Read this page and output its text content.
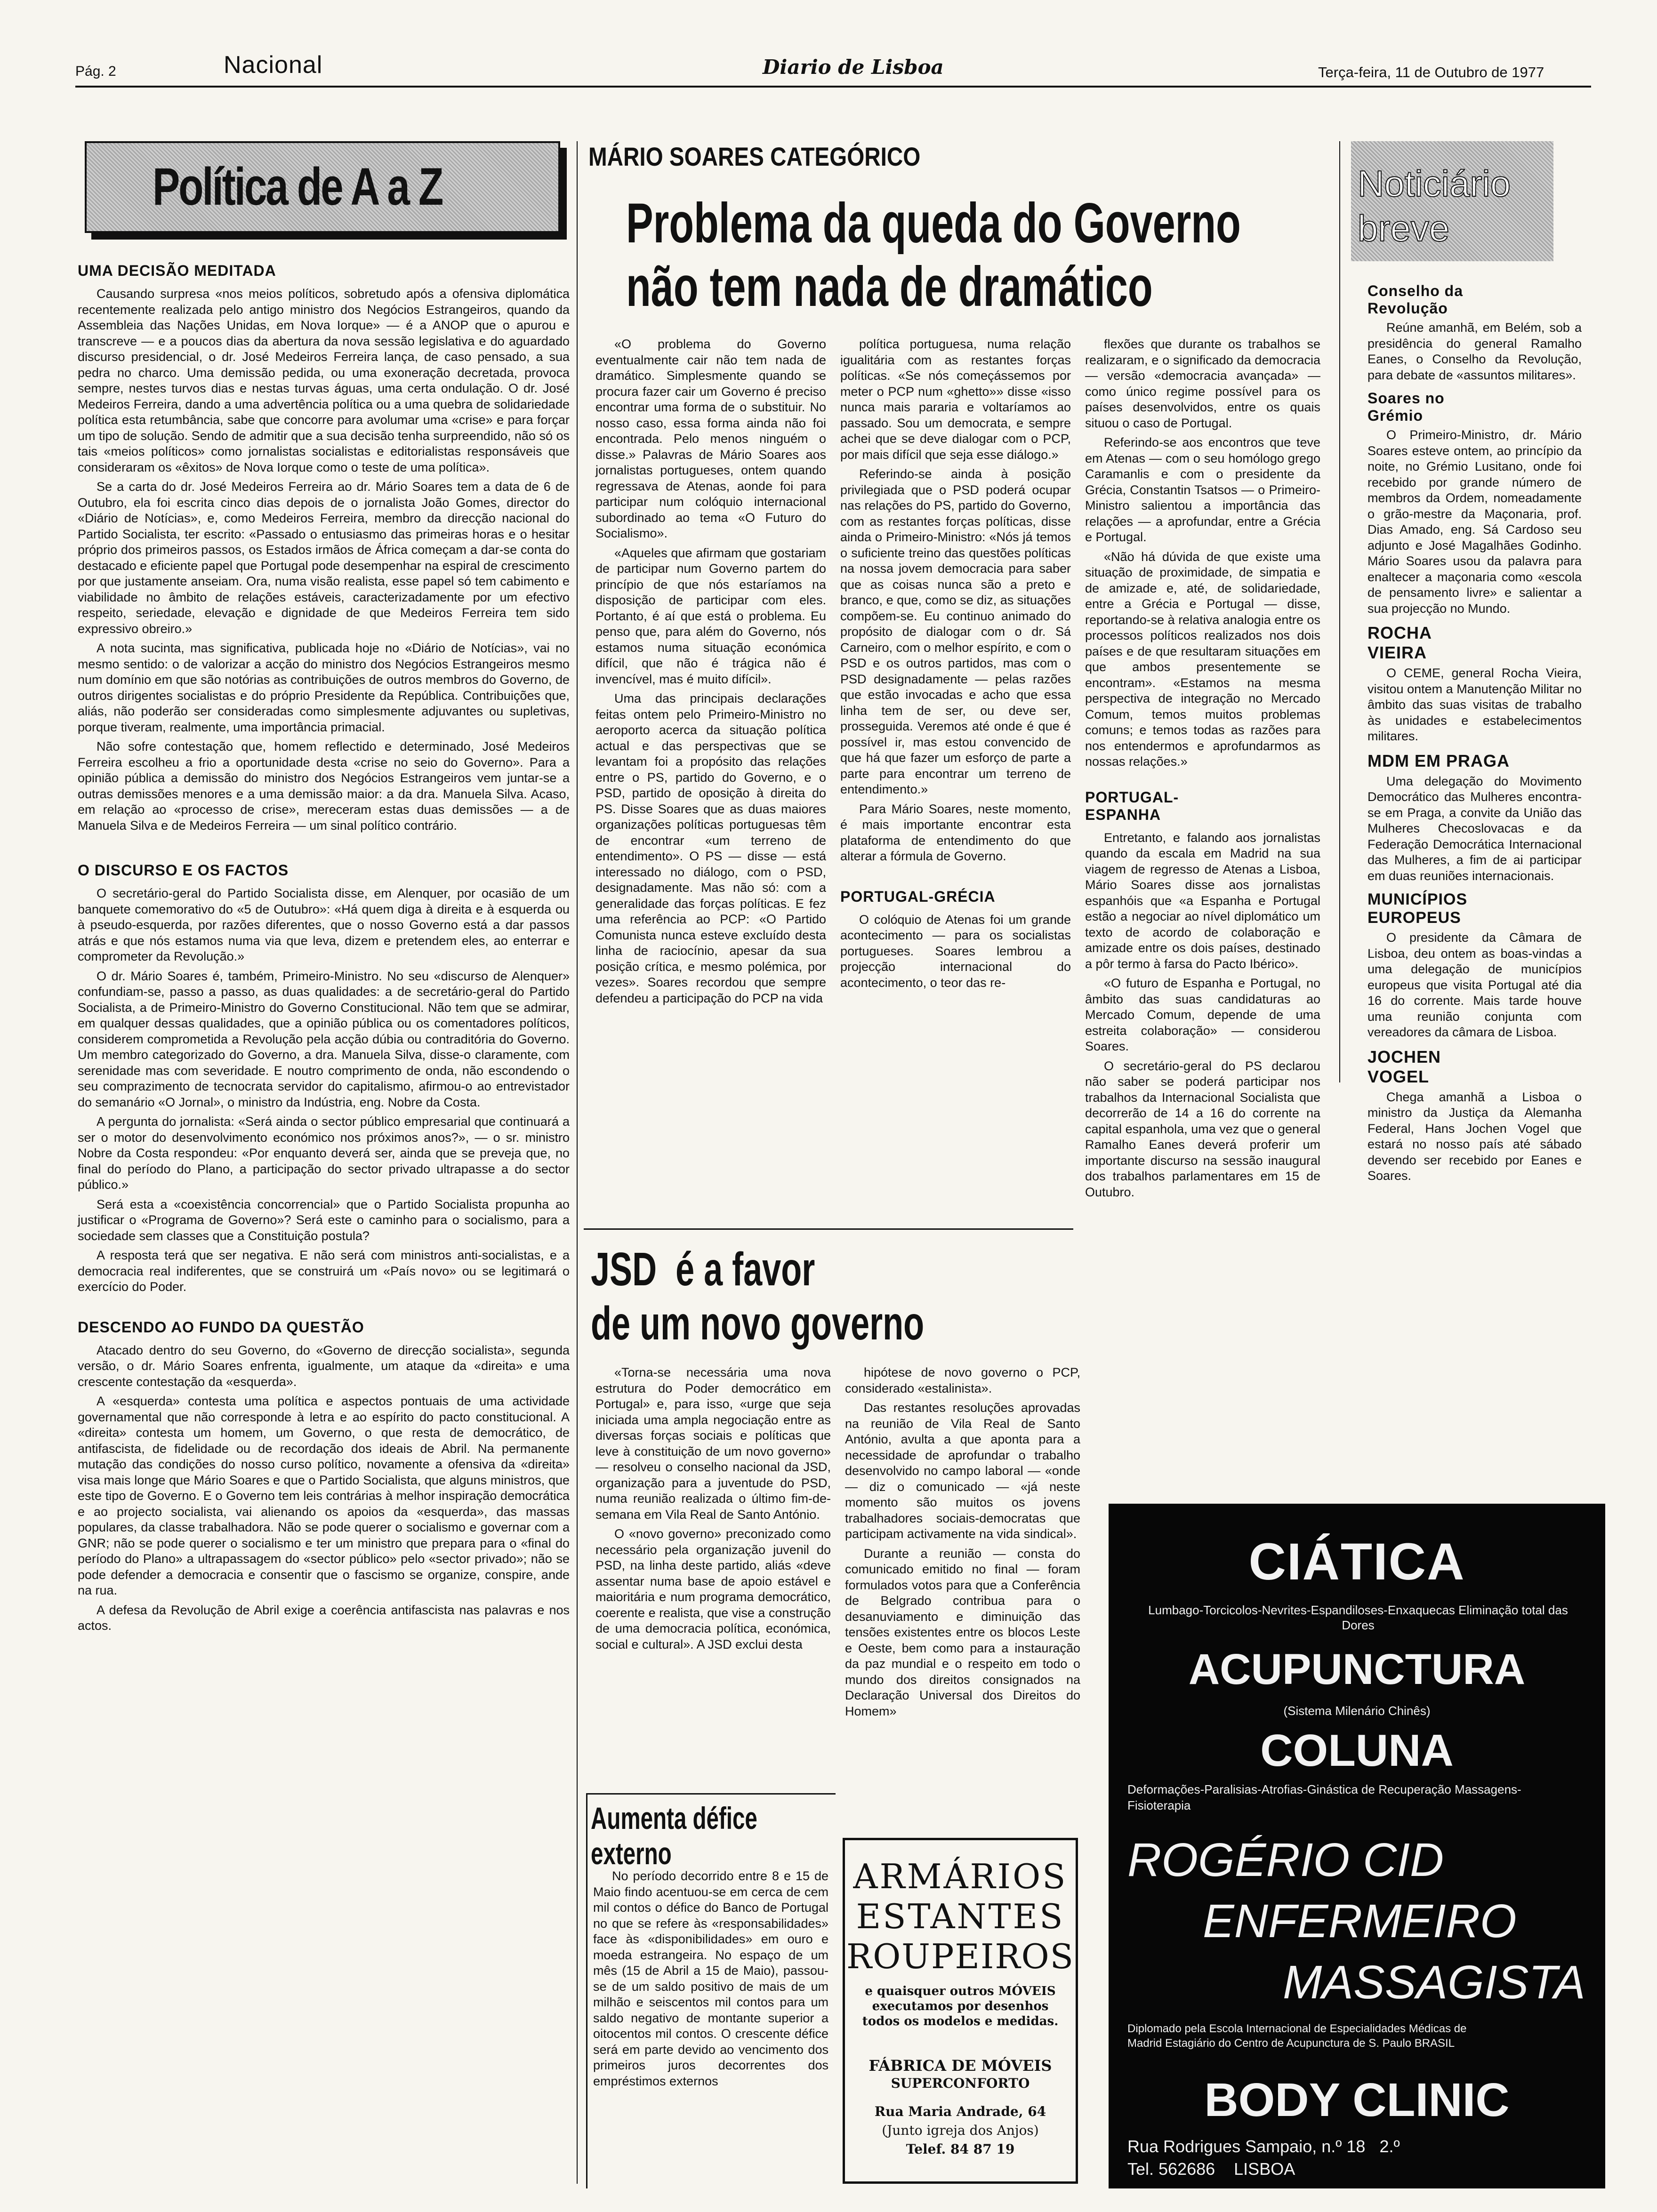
Pág. 2	Nacional	Diario de Lisboa	Terça-feira, 11 de Outubro de 1977
Política de A a Z
UMA DECISÃO MEDITADA

Causando surpresa «nos meios políticos, sobretudo após a ofensiva diplomática recentemente realizada pelo antigo ministro dos Negócios Estrangeiros, quando da Assembleia das Nações Unidas, em Nova Iorque» — é a ANOP que o apurou e transcreve — e a poucos dias da abertura da nova sessão legislativa e do aguardado discurso presidencial, o dr. José Medeiros Ferreira lança, de caso pensado, a sua pedra no charco. Uma demissão pedida, ou uma exoneração decretada, provoca sempre, nestes turvos dias e nestas turvas águas, uma certa ondulação. O dr. José Medeiros Ferreira, dando a uma advertência política ou a uma quebra de solidariedade política esta retumbância, sabe que concorre para avolumar uma «crise» e para forçar um tipo de solução. Sendo de admitir que a sua decisão tenha surpreendido, não só os tais «meios políticos» como jornalistas socialistas e editorialistas responsáveis que consideraram os «êxitos» de Nova Iorque como o teste de uma política».

Se a carta do dr. José Medeiros Ferreira ao dr. Mário Soares tem a data de 6 de Outubro, ela foi escrita cinco dias depois de o jornalista João Gomes, director do «Diário de Notícias», e, como Medeiros Ferreira, membro da direcção nacional do Partido Socialista, ter escrito: «Passado o entusiasmo das primeiras horas e o hesitar próprio dos primeiros passos, os Estados irmãos de África começam a dar-se conta do destacado e eficiente papel que Portugal pode desempenhar na espiral de crescimento por que justamente anseiam. Ora, numa visão realista, esse papel só tem cabimento e viabilidade no âmbito de relações estáveis, caracterizadamente por um efectivo respeito, seriedade, elevação e dignidade de que Medeiros Ferreira tem sido expressivo obreiro.»

A nota sucinta, mas significativa, publicada hoje no «Diário de Notícias», vai no mesmo sentido: o de valorizar a acção do ministro dos Negócios Estrangeiros mesmo num domínio em que são notórias as contribuições de outros membros do Governo, de outros dirigentes socialistas e do próprio Presidente da República. Contribuições que, aliás, não poderão ser consideradas como simplesmente adjuvantes ou supletivas, porque tiveram, realmente, uma importância primacial.

Não sofre contestação que, homem reflectido e determinado, José Medeiros Ferreira escolheu a frio a oportunidade desta «crise no seio do Governo». Para a opinião pública a demissão do ministro dos Negócios Estrangeiros vem juntar-se a outras demissões menores e a uma demissão maior: a da dra. Manuela Silva. Acaso, em relação ao «processo de crise», mereceram estas duas demissões — a de Manuela Silva e de Medeiros Ferreira — um sinal político contrário.

O DISCURSO E OS FACTOS

O secretário-geral do Partido Socialista disse, em Alenquer, por ocasião de um banquete comemorativo do «5 de Outubro»: «Há quem diga à direita e à esquerda ou à pseudo-esquerda, por razões diferentes, que o nosso Governo está a dar passos atrás e que nós estamos numa via que leva, dizem e pretendem eles, ao enterrar e comprometer da Revolução.»

O dr. Mário Soares é, também, Primeiro-Ministro. No seu «discurso de Alenquer» confundiam-se, passo a passo, as duas qualidades: a de secretário-geral do Partido Socialista, a de Primeiro-Ministro do Governo Constitucional. Não tem que se admirar, em qualquer dessas qualidades, que a opinião pública ou os comentadores políticos, considerem comprometida a Revolução pela acção dúbia ou contraditória do Governo. Um membro categorizado do Governo, a dra. Manuela Silva, disse-o claramente, com serenidade mas com severidade. E noutro comprimento de onda, não escondendo o seu comprazimento de tecnocrata servidor do capitalismo, afirmou-o ao entrevistador do semanário «O Jornal», o ministro da Indústria, eng. Nobre da Costa.

A pergunta do jornalista: «Será ainda o sector público empresarial que continuará a ser o motor do desenvolvimento económico nos próximos anos?», — o sr. ministro Nobre da Costa respondeu: «Por enquanto deverá ser, ainda que se preveja que, no final do período do Plano, a participação do sector privado ultrapasse a do sector público.»

Será esta a «coexistência concorrencial» que o Partido Socialista propunha ao justificar o «Programa de Governo»? Será este o caminho para o socialismo, para a sociedade sem classes que a Constituição postula?

A resposta terá que ser negativa. E não será com ministros anti-socialistas, e a democracia real indiferentes, que se construirá um «País novo» ou se legitimará o exercício do Poder.

DESCENDO AO FUNDO DA QUESTÃO

Atacado dentro do seu Governo, do «Governo de direcção socialista», segunda versão, o dr. Mário Soares enfrenta, igualmente, um ataque da «direita» e uma crescente contestação da «esquerda».

A «esquerda» contesta uma política e aspectos pontuais de uma actividade governamental que não corresponde à letra e ao espírito do pacto constitucional. A «direita» contesta um homem, um Governo, o que resta de democrático, de antifascista, de fidelidade ou de recordação dos ideais de Abril. Na permanente mutação das condições do nosso curso político, novamente a ofensiva da «direita» visa mais longe que Mário Soares e que o Partido Socialista, que alguns ministros, que este tipo de Governo. E o Governo tem leis contrárias à melhor inspiração democrática e ao projecto socialista, vai alienando os apoios da «esquerda», das massas populares, da classe trabalhadora. Não se pode querer o socialismo e governar com a GNR; não se pode querer o socialismo e ter um ministro que prepara para o «final do período do Plano» a ultrapassagem do «sector público» pelo «sector privado»; não se pode defender a democracia e consentir que o fascismo se organize, conspire, ande na rua.

A defesa da Revolução de Abril exige a coerência antifascista nas palavras e nos actos.

MÁRIO SOARES CATEGÓRICO
Problema da queda do Governo
não tem nada de dramático

«O problema do Governo eventualmente cair não tem nada de dramático. Simplesmente quando se procura fazer cair um Governo é preciso encontrar uma forma de o substituir. No nosso caso, essa forma ainda não foi encontrada. Pelo menos ninguém o disse.» Palavras de Mário Soares aos jornalistas portugueses, ontem quando regressava de Atenas, aonde foi para participar num colóquio internacional subordinado ao tema «O Futuro do Socialismo».

«Aqueles que afirmam que gostariam de participar num Governo partem do princípio de que nós estaríamos na disposição de participar com eles. Portanto, é aí que está o problema. Eu penso que, para além do Governo, nós estamos numa situação económica difícil, que não é trágica não é invencível, mas é muito difícil».

Uma das principais declarações feitas ontem pelo Primeiro-Ministro no aeroporto acerca da situação política actual e das perspectivas que se levantam foi a propósito das relações entre o PS, partido do Governo, e o PSD, partido de oposição à direita do PS. Disse Soares que as duas maiores organizações políticas portuguesas têm de encontrar «um terreno de entendimento». O PS — disse — está interessado no diálogo, com o PSD, designadamente. Mas não só: com a generalidade das forças políticas. E fez uma referência ao PCP: «O Partido Comunista nunca esteve excluído desta linha de raciocínio, apesar da sua posição crítica, e mesmo polémica, por vezes». Soares recordou que sempre defendeu a participação do PCP na vida

política portuguesa, numa relação igualitária com as restantes forças políticas. «Se nós começássemos por meter o PCP num «ghetto»» disse «isso nunca mais pararia e voltaríamos ao passado. Sou um democrata, e sempre achei que se deve dialogar com o PCP, por mais difícil que seja esse diálogo.»

Referindo-se ainda à posição privilegiada que o PSD poderá ocupar nas relações do PS, partido do Governo, com as restantes forças políticas, disse ainda o Primeiro-Ministro: «Nós já temos o suficiente treino das questões políticas na nossa jovem democracia para saber que as coisas nunca são a preto e branco, e que, como se diz, as situações compõem-se. Eu continuo animado do propósito de dialogar com o dr. Sá Carneiro, com o melhor espírito, e com o PSD e os outros partidos, mas com o PSD designadamente — pelas razões que estão invocadas e acho que essa linha tem de ser, ou deve ser, prosseguida. Veremos até onde é que é possível ir, mas estou convencido de que há que fazer um esforço de parte a parte para encontrar um terreno de entendimento.»

Para Mário Soares, neste momento, é mais importante encontrar esta plataforma de entendimento do que alterar a fórmula de Governo.

PORTUGAL-GRÉCIA

O colóquio de Atenas foi um grande acontecimento — para os socialistas portugueses. Soares lembrou a projecção internacional do acontecimento, o teor das re-

flexões que durante os trabalhos se realizaram, e o significado da democracia — versão «democracia avançada» — como único regime possível para os países desenvolvidos, entre os quais situou o caso de Portugal.

Referindo-se aos encontros que teve em Atenas — com o seu homólogo grego Caramanlis e com o presidente da Grécia, Constantin Tsatsos — o Primeiro-Ministro salientou a importância das relações — a aprofundar, entre a Grécia e Portugal.

«Não há dúvida de que existe uma situação de proximidade, de simpatia e de amizade e, até, de solidariedade, entre a Grécia e Portugal — disse, reportando-se à relativa analogia entre os processos políticos realizados nos dois países e de que resultaram situações em que ambos presentemente se encontram». «Estamos na mesma perspectiva de integração no Mercado Comum, temos muitos problemas comuns; e temos todas as razões para nos entendermos e aprofundarmos as nossas relações.»

PORTUGAL-ESPANHA

Entretanto, e falando aos jornalistas quando da escala em Madrid na sua viagem de regresso de Atenas a Lisboa, Mário Soares disse aos jornalistas espanhóis que «a Espanha e Portugal estão a negociar ao nível diplomático um texto de acordo de colaboração e amizade entre os dois países, destinado a pôr termo à farsa do Pacto Ibérico».

«O futuro de Espanha e Portugal, no âmbito das suas candidaturas ao Mercado Comum, depende de uma estreita colaboração» — considerou Soares.

O secretário-geral do PS declarou não saber se poderá participar nos trabalhos da Internacional Socialista que decorrerão de 14 a 16 do corrente na capital espanhola, uma vez que o general Ramalho Eanes deverá proferir um importante discurso na sessão inaugural dos trabalhos parlamentares em 15 de Outubro.

JSD  é a favor
de um novo governo

«Torna-se necessária uma nova estrutura do Poder democrático em Portugal» e, para isso, «urge que seja iniciada uma ampla negociação entre as diversas forças sociais e políticas que leve à constituição de um novo governo» — resolveu o conselho nacional da JSD, organização para a juventude do PSD, numa reunião realizada o último fim-de-semana em Vila Real de Santo António.

O «novo governo» preconizado como necessário pela organização juvenil do PSD, na linha deste partido, aliás «deve assentar numa base de apoio estável e maioritária e num programa democrático, coerente e realista, que vise a construção de uma democracia política, económica, social e cultural». A JSD exclui desta

hipótese de novo governo o PCP, considerado «estalinista».

Das restantes resoluções aprovadas na reunião de Vila Real de Santo António, avulta a que aponta para a necessidade de aprofundar o trabalho desenvolvido no campo laboral — «onde — diz o comunicado — «já neste momento são muitos os jovens trabalhadores sociais-democratas que participam activamente na vida sindical».

Durante a reunião — consta do comunicado emitido no final — foram formulados votos para que a Conferência de Belgrado contribua para o desanuviamento e diminuição das tensões existentes entre os blocos Leste e Oeste, bem como para a instauração da paz mundial e o respeito em todo o mundo dos direitos consignados na Declaração Universal dos Direitos do Homem»

Aumenta défice
externo

No período decorrido entre 8 e 15 de Maio findo acentuou-se em cerca de cem mil contos o défice do Banco de Portugal no que se refere às «responsabilidades» face às «disponibilidades» em ouro e moeda estrangeira. No espaço de um mês (15 de Abril a 15 de Maio), passou-se de um saldo positivo de mais de um milhão e seiscentos mil contos para um saldo negativo de montante superior a oitocentos mil contos. O crescente défice será em parte devido ao vencimento dos primeiros juros decorrentes dos empréstimos externos

ARMÁRIOS
ESTANTES
ROUPEIROS
e quaisquer outros MÓVEIS executamos por desenhos todos os modelos e medidas.
FÁBRICA DE MÓVEIS
SUPERCONFORTO
Rua Maria Andrade, 64
(Junto igreja dos Anjos)
Telef. 84 87 19
Noticiário
breve
Conselho da Revolução

Reúne amanhã, em Belém, sob a presidência do general Ramalho Eanes, o Conselho da Revolução, para debate de «assuntos militares».

Soares no Grémio

O Primeiro-Ministro, dr. Mário Soares esteve ontem, ao princípio da noite, no Grémio Lusitano, onde foi recebido por grande número de membros da Ordem, nomeadamente o grão-mestre da Maçonaria, prof. Dias Amado, eng. Sá Cardoso seu adjunto e José Magalhães Godinho. Mário Soares usou da palavra para enaltecer a maçonaria como «escola de pensamento livre» e salientar a sua projecção no Mundo.

ROCHA VIEIRA

O CEME, general Rocha Vieira, visitou ontem a Manutenção Militar no âmbito das suas visitas de trabalho às unidades e estabelecimentos militares.

MDM EM PRAGA

Uma delegação do Movimento Democrático das Mulheres encontra-se em Praga, a convite da União das Mulheres Checoslovacas e da Federação Democrática Internacional das Mulheres, a fim de ai participar em duas reuniões internacionais.

MUNICÍPIOS EUROPEUS

O presidente da Câmara de Lisboa, deu ontem as boas-vindas a uma delegação de municípios europeus que visita Portugal até dia 16 do corrente. Mais tarde houve uma reunião conjunta com vereadores da câmara de Lisboa.

JOCHEN VOGEL

Chega amanhã a Lisboa o ministro da Justiça da Alemanha Federal, Hans Jochen Vogel que estará no nosso país até sábado devendo ser recebido por Eanes e Soares.

CIÁTICA
Lumbago-Torcicolos-Nevrites-Espandiloses-Enxaquecas Eliminação total das Dores
ACUPUNCTURA
(Sistema Milenário Chinês)
COLUNA
Deformações-Paralisias-Atrofias-Ginástica de Recuperação Massagens-Fisioterapia
ROGÉRIO CID
ENFERMEIRO
MASSAGISTA
Diplomado pela Escola Internacional de Especialidades Médicas de Madrid Estagiário do Centro de Acupunctura de S. Paulo BRASIL
BODY CLINIC
Rua Rodrigues Sampaio, n.º 18   2.º
Tel. 562686    LISBOA
